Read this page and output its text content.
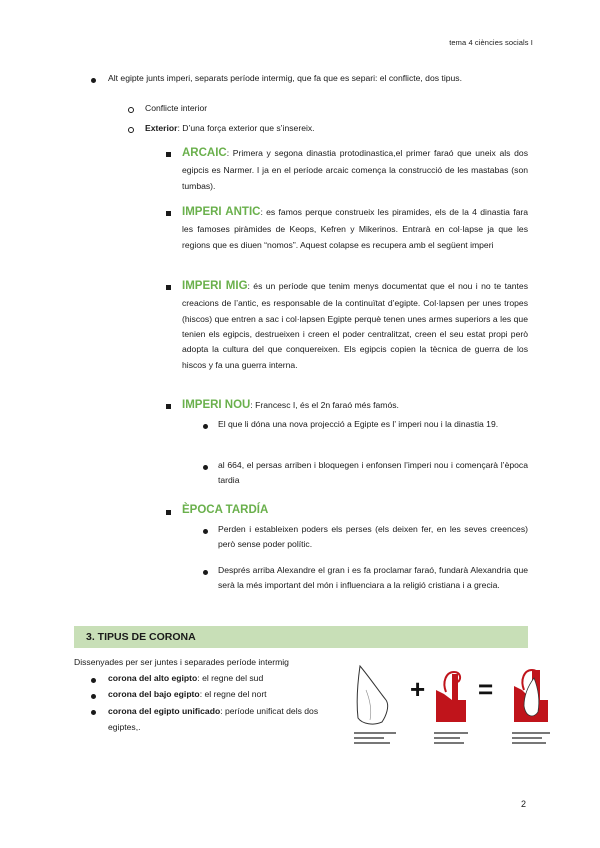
tema 4 ciències socials I
Alt egipte junts imperi, separats període intermig, que fa que es separi: el conflicte, dos tipus.
Conflicte interior
Exterior: D’una força exterior que s’insereix.
ARCAIC: Primera y segona dinastia protodinastica,el primer faraó que uneix als dos egipcis es Narmer. I ja en el període arcaic comença la construcció de les mastabas (son tumbas).
IMPERI ANTIC: es famos perque construeix les piramides, els de la 4 dinastia fara les famoses piràmides de Keops, Kefren y Mikerinos. Entrarà en col·lapse ja que les regions que es diuen “nomos”. Aquest colapse es recupera amb el següent imperi
IMPERI MIG: és un període que tenim menys documentat que el nou i no te tantes creacions de l’antic, es responsable de la continuïtat d’egipte. Col·lapsen per unes tropes (hiscos) que entren a sac i col·lapsen Egipte perquè tenen unes armes superiors a les que tenien els egipcis, destrueixen i creen el poder centralitzat, creen el seu estat propi però adopta la cultura del que conquereixen. Els egipcis copien la tècnica de guerra de los hiscos y fa una guerra interna.
IMPERI NOU: Francesc I, és el 2n faraó més famós.
El que li dóna una nova projecció a Egipte es l’ imperi nou i la dinastia 19.
al 664, el persas arriben i bloquegen i enfonsen l’imperi nou i començarà l’època tardia
ÈPOCA TARDÍA
Perden i estableixen poders els perses (els deixen fer, en les seves creences) però sense poder polític.
Després arriba Alexandre el gran i es fa proclamar faraó, fundarà Alexandria que serà la més important del món i influenciara a la religió cristiana i a grecia.
3. TIPUS DE CORONA
Dissenyades per ser juntes i separades període intermig
corona del alto egipto: el regne del sud
corona del bajo egipto: el regne del nort
corona del egipto unificado: període unificat dels dos egiptes,.
+ =
2
